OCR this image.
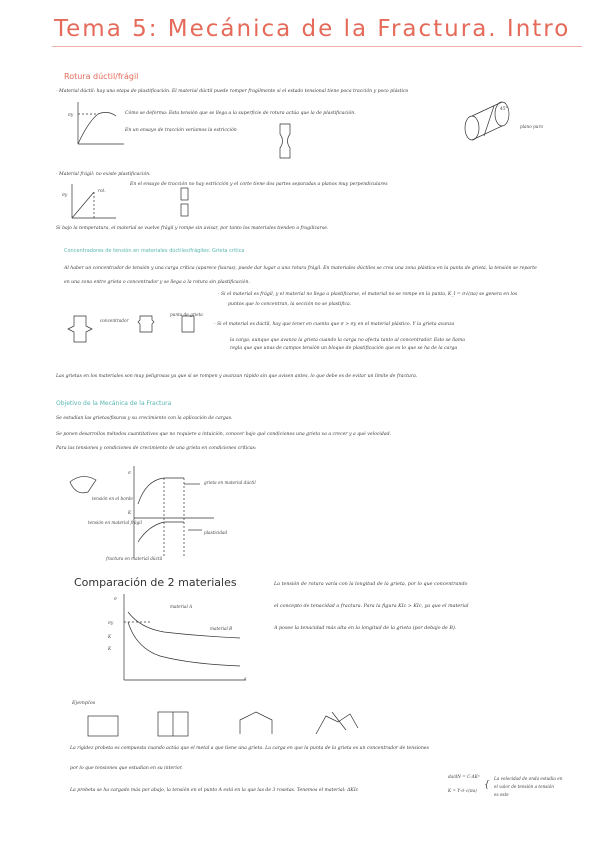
Tema 5: Mecánica de la Fractura. Intro
Rotura dúctil/frágil
- Material dúctil: hay una etapa de plastificación. El material dúctil puede romper fragilmente si el estado tensional tiene poca tracción y poco plástico
Cómo se deforma: Esta tensión que se llega a la superficie de rotura actúa que la de plastificación.
En un ensayo de tracción veríamos la estricción
σy
45°
plano puro
- Material frágil: no existe plastificación.
En el ensayo de tracción no hay estricción y el corte tiene dos partes separadas a planos muy perpendiculares
σy
rot.
Si bajo la temperatura, el material se vuelve frágil y rompe sin avisar, por tanto los materiales tienden a fragilizarse.
Concentradores de tensión en materiales dúctiles/frágiles: Grieta crítica
Al haber un concentrador de tensión y una carga crítica (aparece fisuras), puede dar lugar a una rotura frágil. En materiales dúctiles se crea una zona plástica en la punta de grieta, la tensión se reparte
en una zona entre grieta o concentrador y se llega a la rotura sin plastificación.
- Si el material es frágil, y el material no llega a plastificarse, el material no se rompe en la punta, K_I = σ√(πa) se genera en los
puntos que lo concentran, la sección no se plastifica.
- Si el material es dúctil, hay que tener en cuenta que σ > σy en el material plástico. Y la grieta avanza
la carga, aunque que avanza la grieta cuando la carga no afecta tanto al concentrador. Esto se llama
regla que que unas de campos tensión un bloque de plastificación que es lo que se ha de la carga
concentrador
punta de grieta
Las grietas en los materiales son muy peligrosas ya que si se rompen y avanzan rápido sin que avisen antes, lo que debe es de evitar un límite de fractura.
Objetivo de la Mecánica de la Fractura
Se estudian las grietas/fisuras y su crecimiento con la aplicación de cargas.
Se ponen desarrollos métodos cuantitativos que no requiere a intuición, conocer bajo qué condiciones una grieta va a crecer y a qué velocidad.
Para las tensiones y condiciones de crecimiento de una grieta en condiciones críticas:
grieta en material dúctil
tensión en el borde
tensión en material frágil
plasticidad
fractura en material dúctil
σ
K
Comparación de 2 materiales
σ
σy
K
K
material A
material B
a
La tensión de rotura varía con la longitud de la grieta, por lo que concentrando
el concepto de tenacidad a fractura. Para la figura KIc > KIc, ya que el material
A posee la tenacidad más alta en la longitud de la grieta (por debajo de B).
Ejemplos
La rigidez probeta es compuesta cuando actúa que el metal a que tiene una grieta. La carga en que la punta de la grieta es un concentrador de tensiones
por lo que tensiones que estudian en su interior.
La probeta se ha cargado más por abajo, la tensión en el punto A está en la que las de 3 rosetas. Tenemos el material: ΔKIc
da/dN = C·ΔKᵐ
K = Y·σ·√(πa)
{
La velocidad de onda estudia en
el valor de tensión a tensión
es este
